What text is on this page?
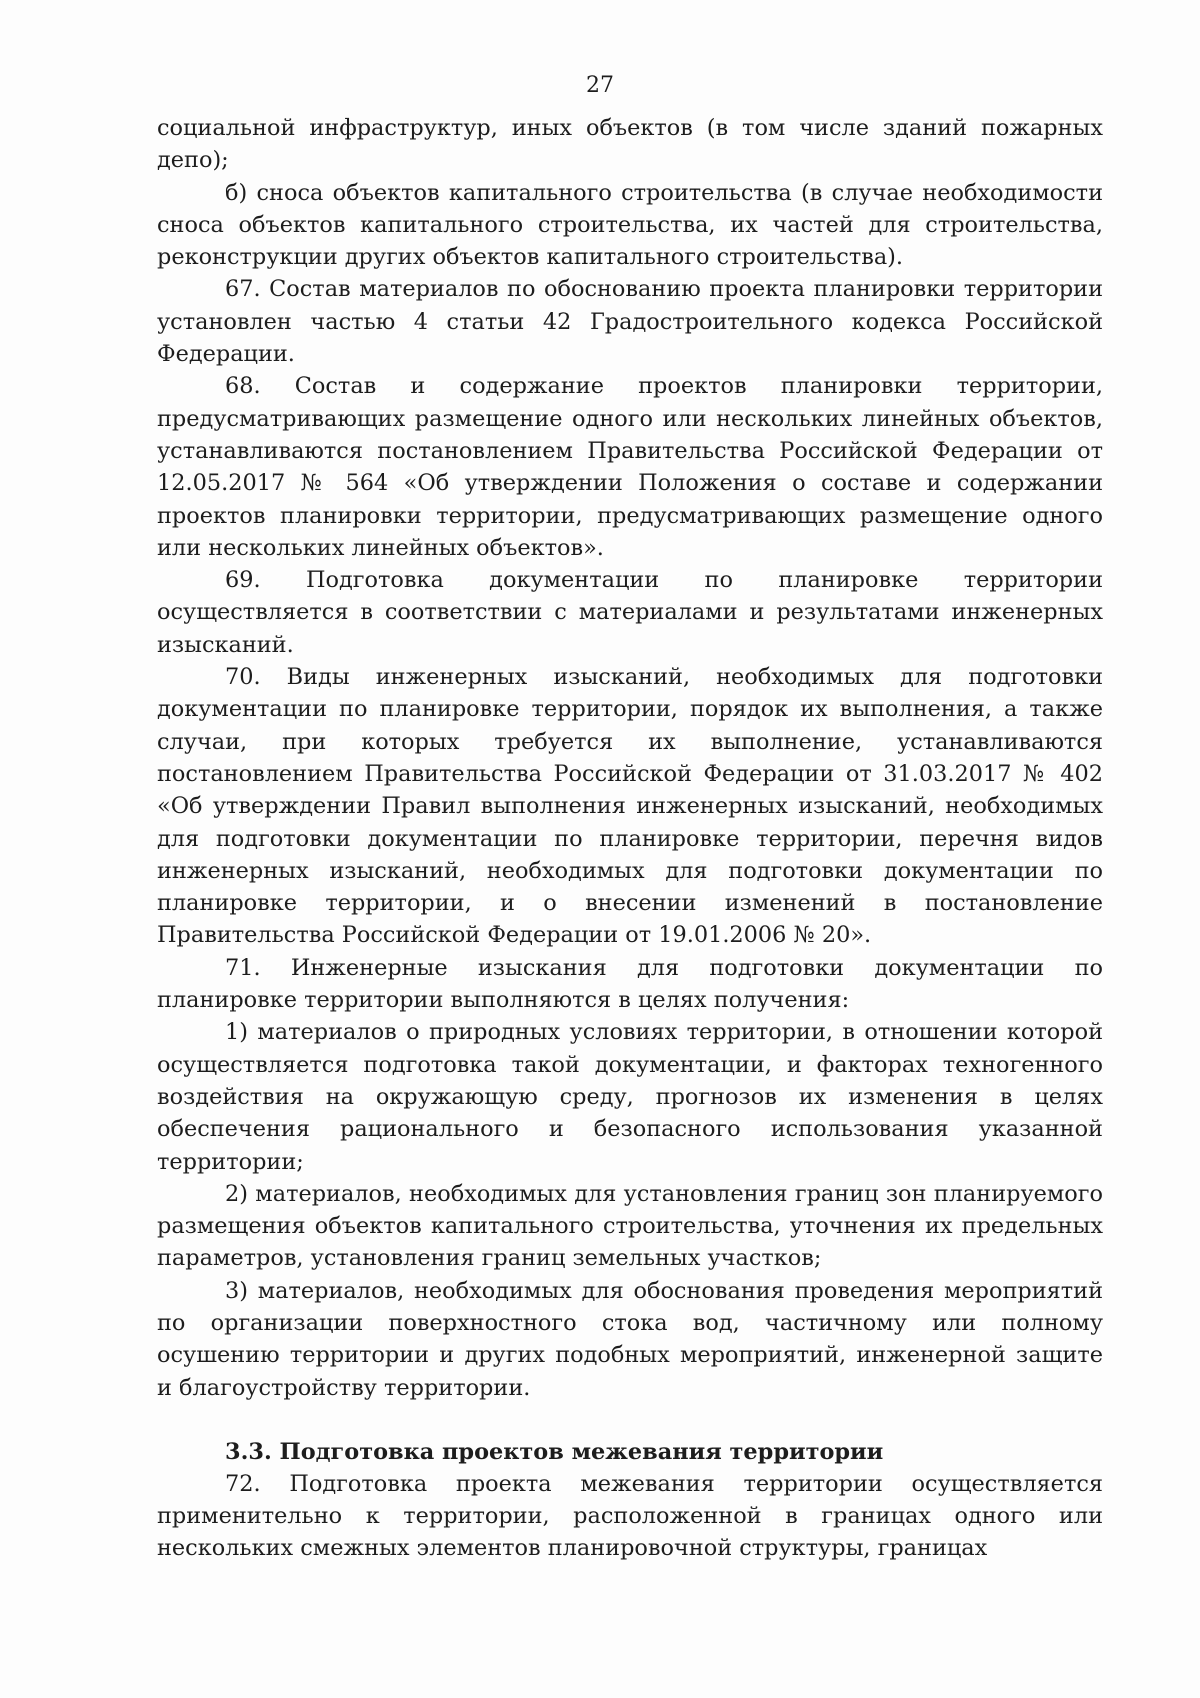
27

социальной инфраструктур, иных объектов (в том числе зданий пожарных депо);

б) сноса объектов капитального строительства (в случае необходимости сноса объектов капитального строительства, их частей для строительства, реконструкции других объектов капитального строительства).

67. Состав материалов по обоснованию проекта планировки территории установлен частью 4 статьи 42 Градостроительного кодекса Российской Федерации.

68. Состав и содержание проектов планировки территории, предусматривающих размещение одного или нескольких линейных объектов, устанавливаются постановлением Правительства Российской Федерации от 12.05.2017 № 564 «Об утверждении Положения о составе и содержании проектов планировки территории, предусматривающих размещение одного или нескольких линейных объектов».

69. Подготовка документации по планировке территории осуществляется в соответствии с материалами и результатами инженерных изысканий.

70. Виды инженерных изысканий, необходимых для подготовки документации по планировке территории, порядок их выполнения, а также случаи, при которых требуется их выполнение, устанавливаются постановлением Правительства Российской Федерации от 31.03.2017 № 402 «Об утверждении Правил выполнения инженерных изысканий, необходимых для подготовки документации по планировке территории, перечня видов инженерных изысканий, необходимых для подготовки документации по планировке территории, и о внесении изменений в постановление Правительства Российской Федерации от 19.01.2006 № 20».

71. Инженерные изыскания для подготовки документации по планировке территории выполняются в целях получения:

1) материалов о природных условиях территории, в отношении которой осуществляется подготовка такой документации, и факторах техногенного воздействия на окружающую среду, прогнозов их изменения в целях обеспечения рационального и безопасного использования указанной территории;

2) материалов, необходимых для установления границ зон планируемого размещения объектов капитального строительства, уточнения их предельных параметров, установления границ земельных участков;

3) материалов, необходимых для обоснования проведения мероприятий по организации поверхностного стока вод, частичному или полному осушению территории и других подобных мероприятий, инженерной защите и благоустройству территории.

3.3. Подготовка проектов межевания территории

72. Подготовка проекта межевания территории осуществляется применительно к территории, расположенной в границах одного или нескольких смежных элементов планировочной структуры, границах
